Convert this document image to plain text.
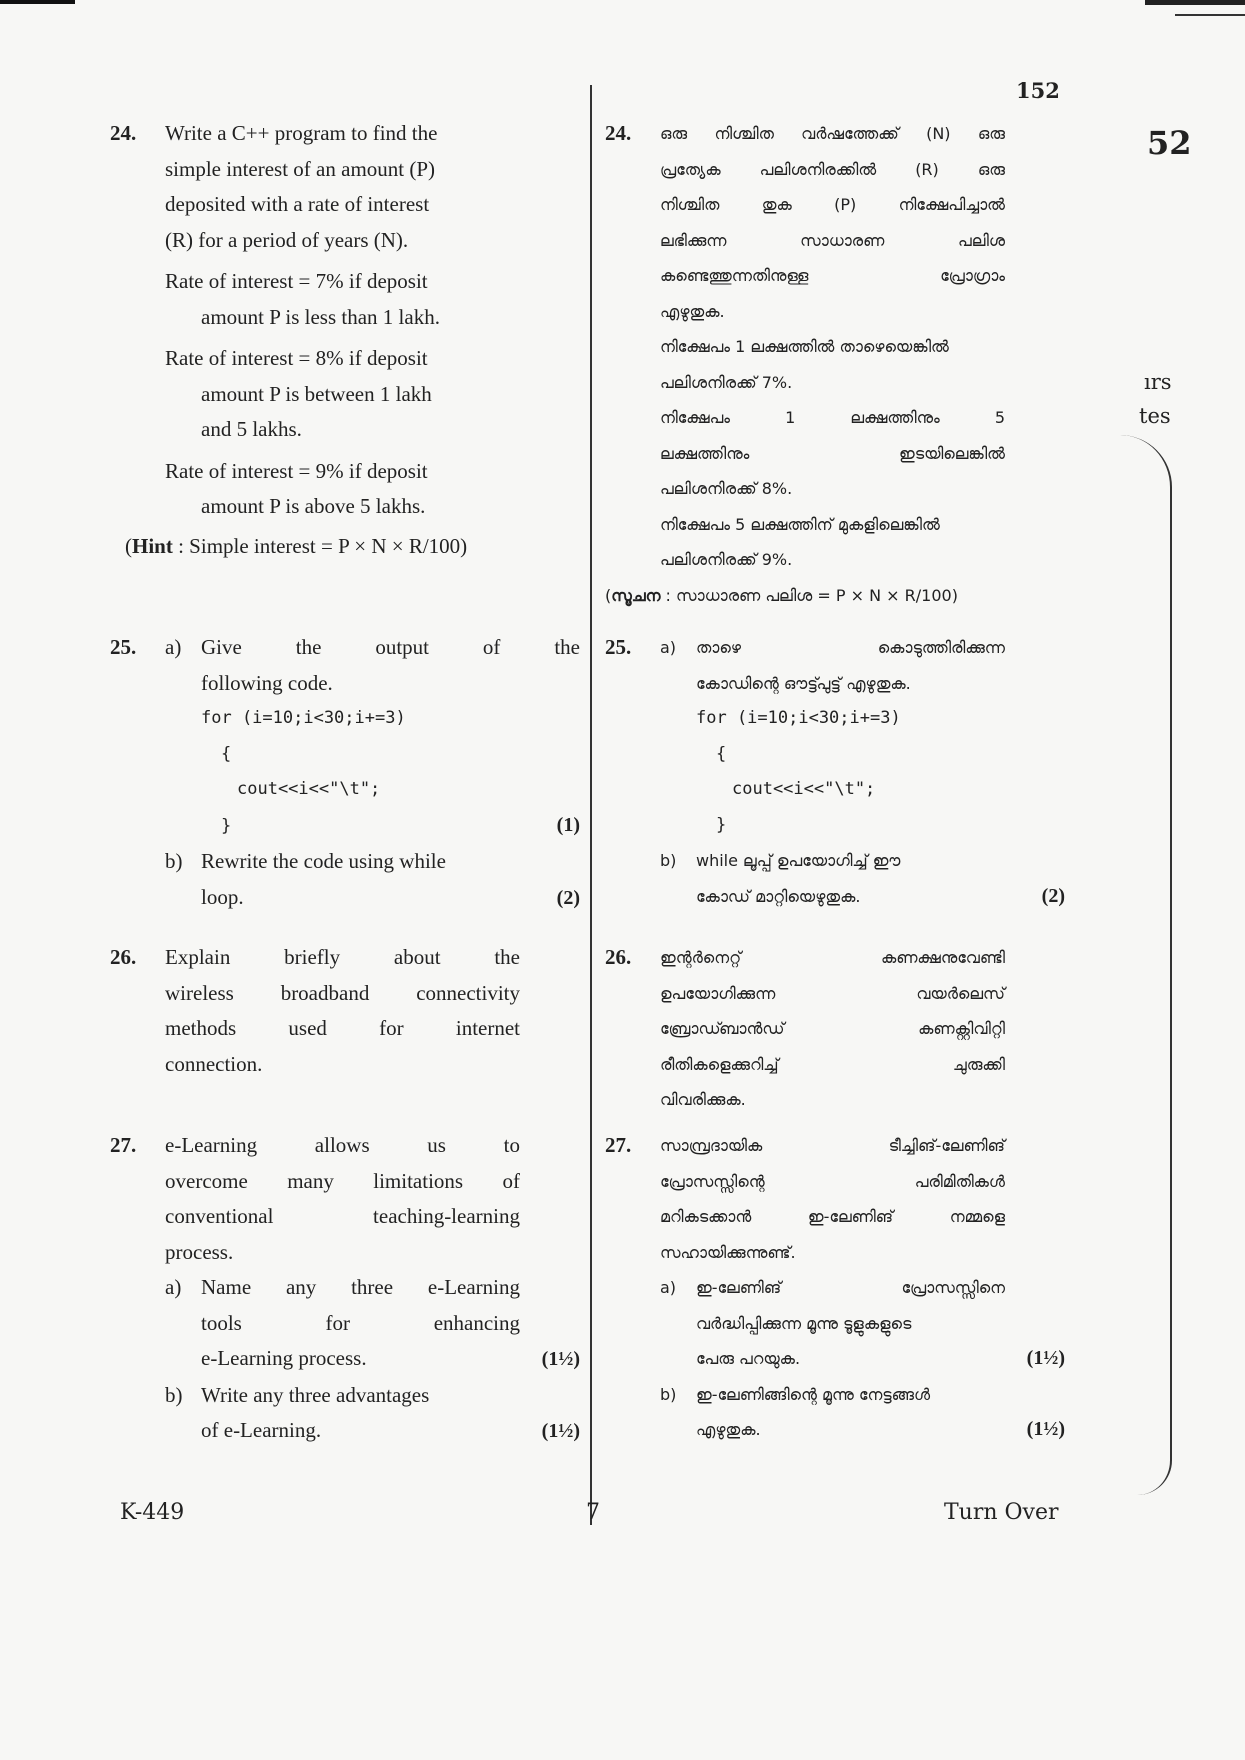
152
52
ırs
tes
24.	Write a C++ program to find the
simple interest of an amount (P)
deposited with a rate of interest
(R) for a period of years (N).
Rate of interest = 7% if deposit
amount P is less than 1 lakh.
Rate of interest = 8% if deposit
amount P is between 1 lakh
and 5 lakhs.
Rate of interest = 9% if deposit
amount P is above 5 lakhs.
(Hint : Simple interest = P × N × R/100)
25.	a) Give the output of the
following code.
for (i=10;i<30;i+=3)
{
cout<<i<<"\t";
}	(1)
b) Rewrite the code using while
loop.	(2)
26.	Explain briefly about the
wireless broadband connectivity
methods used for internet
connection.
27.	e-Learning allows us to
overcome many limitations of
conventional teaching-learning
process.
a) Name any three e-Learning
tools for enhancing
e-Learning process.	(1½)
b) Write any three advantages
of e-Learning.	(1½)
24.	ഒരു നിശ്ചിത വർഷത്തേക്ക് (N) ഒരു
പ്രത്യേക പലിശനിരക്കിൽ (R) ഒരു
നിശ്ചിത തുക (P) നിക്ഷേപിച്ചാൽ
ലഭിക്കുന്ന സാധാരണ പലിശ
കണ്ടെത്തുന്നതിനുള്ള പ്രോഗ്രാം
എഴുതുക.
നിക്ഷേപം 1 ലക്ഷത്തിൽ താഴെയെങ്കിൽ
പലിശനിരക്ക് 7%.
നിക്ഷേപം 1 ലക്ഷത്തിനും 5
ലക്ഷത്തിനും ഇടയിലെങ്കിൽ
പലിശനിരക്ക് 8%.
നിക്ഷേപം 5 ലക്ഷത്തിന് മുകളിലെങ്കിൽ
പലിശനിരക്ക് 9%.
(സൂചന : സാധാരണ പലിശ = P × N × R/100)
25.	a)	താഴെ കൊടുത്തിരിക്കുന്ന
കോഡിന്റെ ഔട്ട്പുട്ട് എഴുതുക.
for (i=10;i<30;i+=3)
{
cout<<i<<"\t";
}
b)	while ലൂപ്പ് ഉപയോഗിച്ച് ഈ
കോഡ് മാറ്റിയെഴുതുക.	(2)
26.	ഇന്റർനെറ്റ് കണക്ഷനുവേണ്ടി
ഉപയോഗിക്കുന്ന വയർലെസ്
ബ്രോഡ്ബാൻഡ് കണക്റ്റിവിറ്റി
രീതികളെക്കുറിച്ച് ചുരുക്കി
വിവരിക്കുക.
27.	സാമ്പ്രദായിക ടീച്ചിങ്-ലേണിങ്
പ്രോസസ്സിന്റെ പരിമിതികൾ
മറികടക്കാൻ ഇ-ലേണിങ് നമ്മളെ
സഹായിക്കുന്നുണ്ട്.
a)	ഇ-ലേണിങ് പ്രോസസ്സിനെ
വർദ്ധിപ്പിക്കുന്ന മൂന്നു ടൂളുകളുടെ
പേരു പറയുക.	(1½)
b)	ഇ-ലേണിങ്ങിന്റെ മൂന്നു നേട്ടങ്ങൾ
എഴുതുക.	(1½)
K-449	7	Turn Over
